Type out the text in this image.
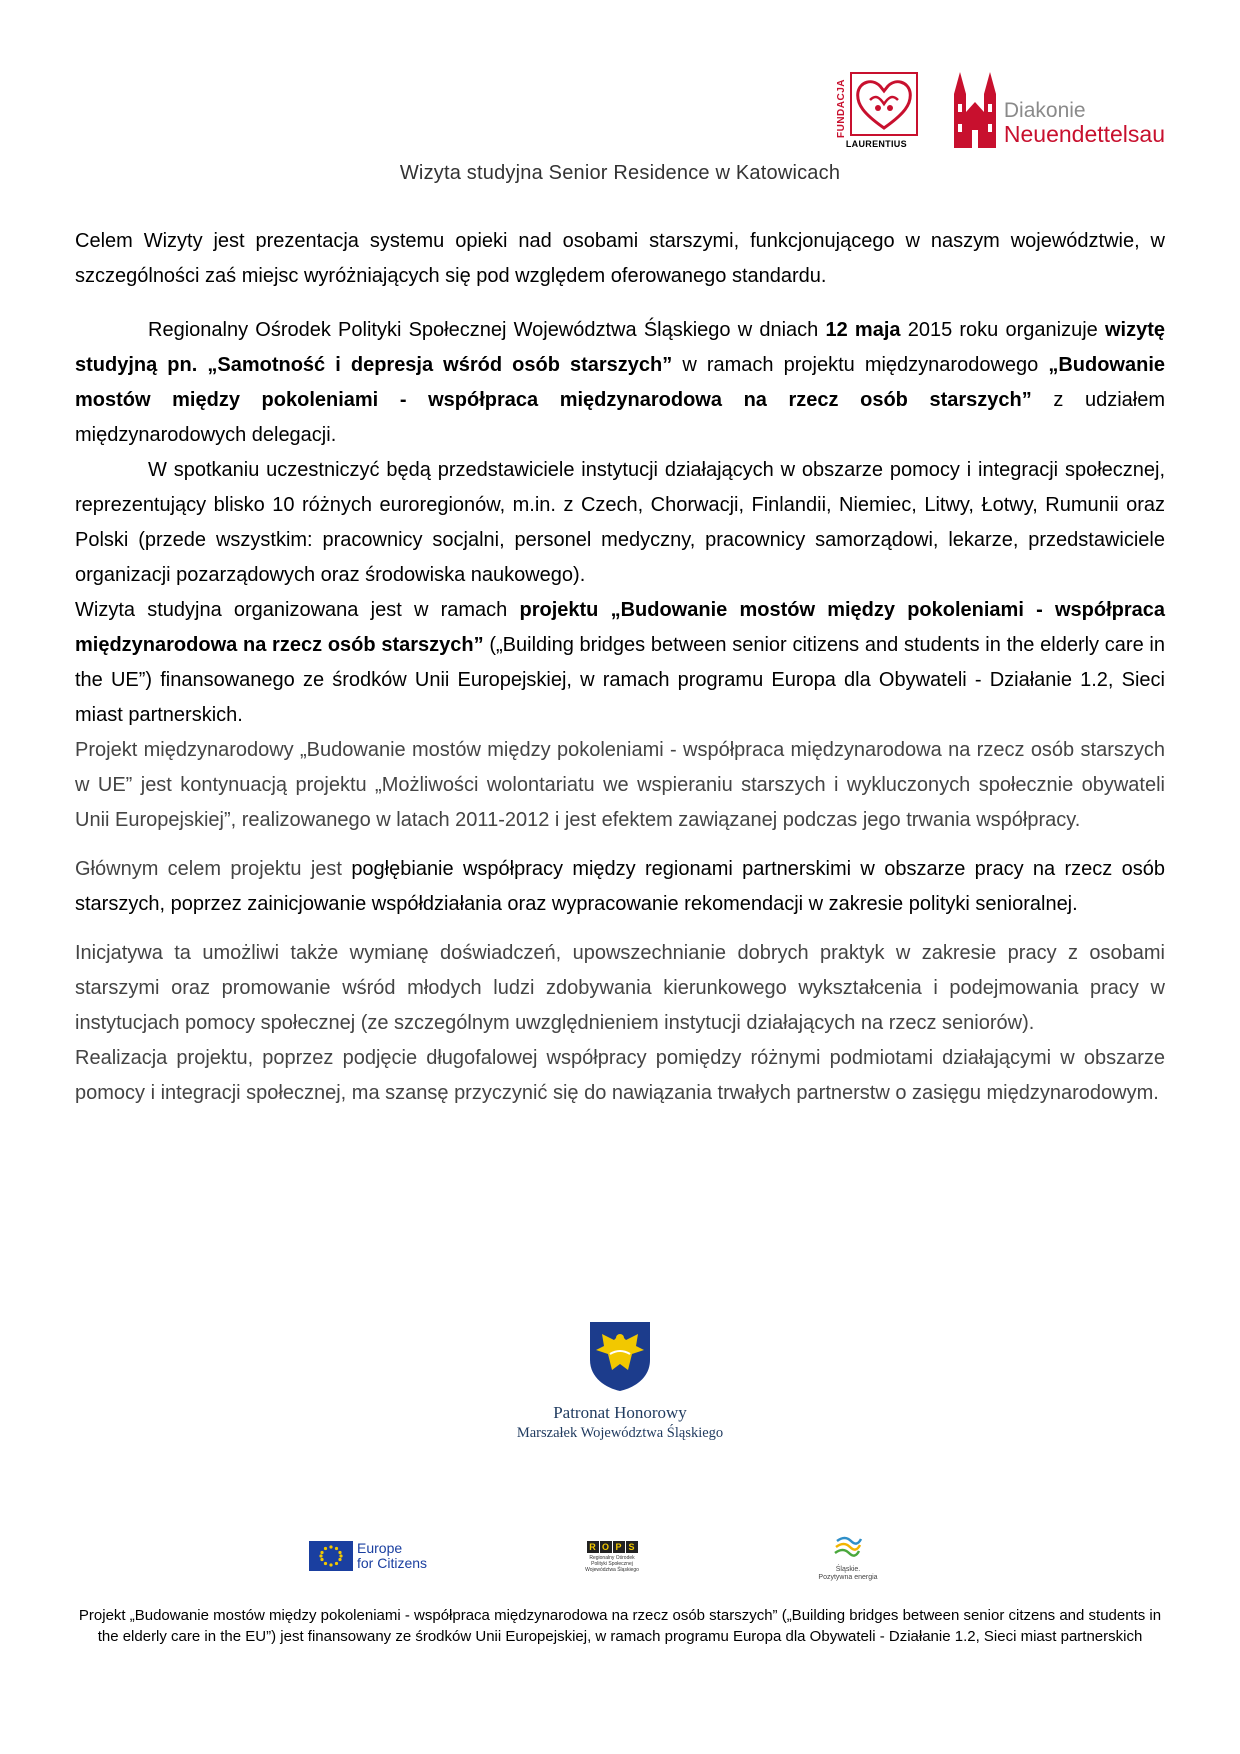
FUNDACJA
LAURENTIUS
Diakonie
Neuendettelsau
Wizyta studyjna Senior Residence w Katowicach

Celem Wizyty jest prezentacja systemu opieki nad osobami starszymi, funkcjonującego w naszym województwie, w szczególności zaś miejsc wyróżniających się pod względem oferowanego standardu.

Regionalny Ośrodek Polityki Społecznej Województwa Śląskiego w dniach 12 maja 2015 roku organizuje wizytę studyjną pn. „Samotność i depresja wśród osób starszych” w ramach projektu międzynarodowego „Budowanie mostów między pokoleniami - współpraca międzynarodowa na rzecz osób starszych” z udziałem międzynarodowych delegacji.

W spotkaniu uczestniczyć będą przedstawiciele instytucji działających w obszarze pomocy i integracji społecznej, reprezentujący blisko 10 różnych euroregionów, m.in. z Czech, Chorwacji, Finlandii, Niemiec, Litwy, Łotwy, Rumunii oraz Polski (przede wszystkim: pracownicy socjalni, personel medyczny, pracownicy samorządowi, lekarze, przedstawiciele organizacji pozarządowych oraz środowiska naukowego).

Wizyta studyjna organizowana jest w ramach projektu „Budowanie mostów między pokoleniami - współpraca międzynarodowa na rzecz osób starszych” („Building bridges between senior citizens and students in the elderly care in the UE”) finansowanego ze środków Unii Europejskiej, w ramach programu Europa dla Obywateli - Działanie 1.2, Sieci miast partnerskich.

Projekt międzynarodowy „Budowanie mostów między pokoleniami - współpraca międzynarodowa na rzecz osób starszych w UE” jest kontynuacją projektu „Możliwości wolontariatu we wspieraniu starszych i wykluczonych społecznie obywateli Unii Europejskiej”, realizowanego w latach 2011-2012 i jest efektem zawiązanej podczas jego trwania współpracy.

Głównym celem projektu jest pogłębianie współpracy między regionami partnerskimi w obszarze pracy na rzecz osób starszych, poprzez zainicjowanie współdziałania oraz wypracowanie rekomendacji w zakresie polityki senioralnej.

Inicjatywa ta umożliwi także wymianę doświadczeń, upowszechnianie dobrych praktyk w zakresie pracy z osobami starszymi oraz promowanie wśród młodych ludzi zdobywania kierunkowego wykształcenia i podejmowania pracy w instytucjach pomocy społecznej (ze szczególnym uwzględnieniem instytucji działających na rzecz seniorów).

Realizacja projektu, poprzez podjęcie długofalowej współpracy pomiędzy różnymi podmiotami działającymi w obszarze pomocy i integracji społecznej, ma szansę przyczynić się do nawiązania trwałych partnerstw o zasięgu międzynarodowym.

Patronat Honorowy
Marszałek Województwa Śląskiego
Europe
for Citizens
R O P S
Regionalny Ośrodek Polityki Społecznej Województwa Śląskiego	Śląskie.
Pozytywna energia
Projekt „Budowanie mostów między pokoleniami - współpraca międzynarodowa na rzecz osób starszych” („Building bridges between senior citzens and students in the elderly care in the EU”) jest finansowany ze środków Unii Europejskiej, w ramach programu Europa dla Obywateli - Działanie 1.2, Sieci miast partnerskich
